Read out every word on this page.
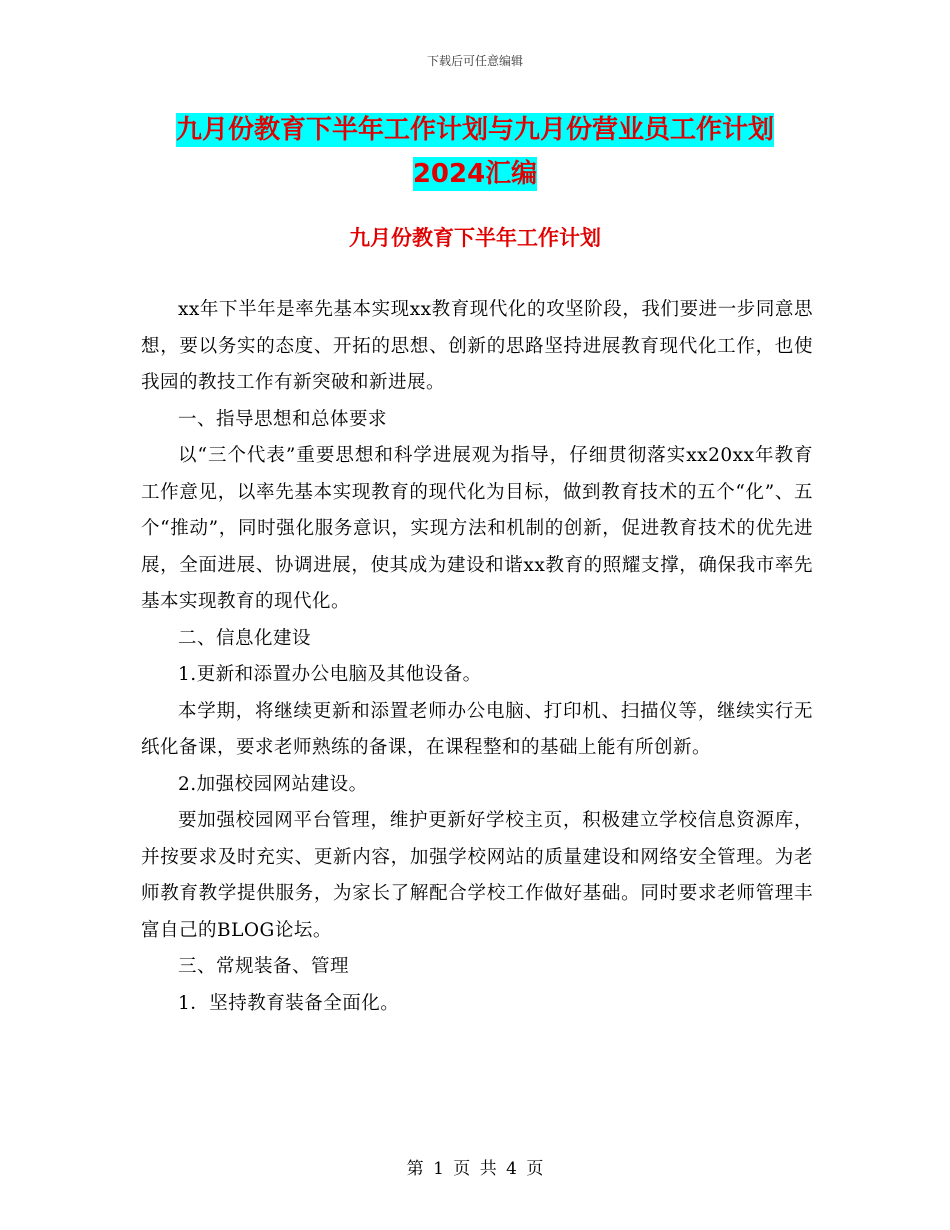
下载后可任意编辑
九月份教育下半年工作计划与九月份营业员工作计划
2024汇编
九月份教育下半年工作计划

xx年下半年是率先基本实现xx教育现代化的攻坚阶段，我们要进一步同意思想，要以务实的态度、开拓的思想、创新的思路坚持进展教育现代化工作，也使我园的教技工作有新突破和新进展。

一、指导思想和总体要求

以“三个代表”重要思想和科学进展观为指导，仔细贯彻落实xx20xx年教育工作意见，以率先基本实现教育的现代化为目标，做到教育技术的五个“化”、五个“推动”，同时强化服务意识，实现方法和机制的创新，促进教育技术的优先进展，全面进展、协调进展，使其成为建设和谐xx教育的照耀支撑，确保我市率先基本实现教育的现代化。

二、信息化建设

1.更新和添置办公电脑及其他设备。

本学期，将继续更新和添置老师办公电脑、打印机、扫描仪等，继续实行无纸化备课，要求老师熟练的备课，在课程整和的基础上能有所创新。

2.加强校园网站建设。

要加强校园网平台管理，维护更新好学校主页，积极建立学校信息资源库，并按要求及时充实、更新内容，加强学校网站的质量建设和网络安全管理。为老师教育教学提供服务，为家长了解配合学校工作做好基础。同时要求老师管理丰富自己的BLOG论坛。

三、常规装备、管理

1．坚持教育装备全面化。

第 1 页 共 4 页
